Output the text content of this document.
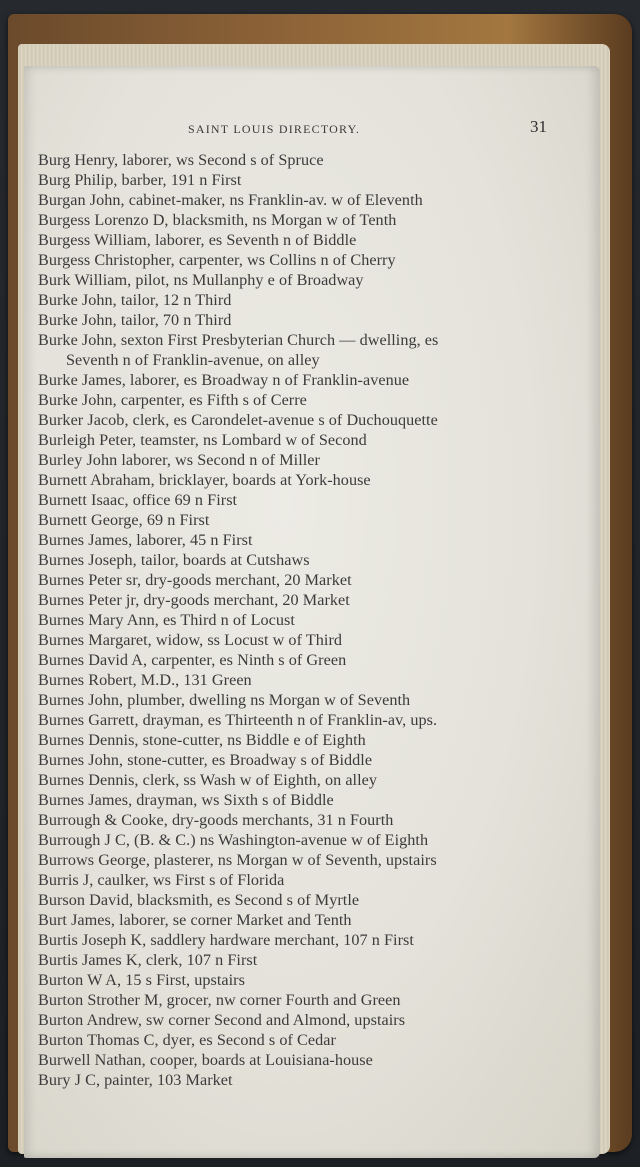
SAINT LOUIS DIRECTORY.	31
Burg Henry, laborer, ws Second s of Spruce
Burg Philip, barber, 191 n First
Burgan John, cabinet-maker, ns Franklin-av. w of Eleventh
Burgess Lorenzo D, blacksmith, ns Morgan w of Tenth
Burgess William, laborer, es Seventh n of Biddle
Burgess Christopher, carpenter, ws Collins n of Cherry
Burk William, pilot, ns Mullanphy e of Broadway
Burke John, tailor, 12 n Third
Burke John, tailor, 70 n Third
Burke John, sexton First Presbyterian Church — dwelling, es
Seventh n of Franklin-avenue, on alley
Burke James, laborer, es Broadway n of Franklin-avenue
Burke John, carpenter, es Fifth s of Cerre
Burker Jacob, clerk, es Carondelet-avenue s of Duchouquette
Burleigh Peter, teamster, ns Lombard w of Second
Burley John laborer, ws Second n of Miller
Burnett Abraham, bricklayer, boards at York-house
Burnett Isaac, office 69 n First
Burnett George, 69 n First
Burnes James, laborer, 45 n First
Burnes Joseph, tailor, boards at Cutshaws
Burnes Peter sr, dry-goods merchant, 20 Market
Burnes Peter jr, dry-goods merchant, 20 Market
Burnes Mary Ann, es Third n of Locust
Burnes Margaret, widow, ss Locust w of Third
Burnes David A, carpenter, es Ninth s of Green
Burnes Robert, M.D., 131 Green
Burnes John, plumber, dwelling ns Morgan w of Seventh
Burnes Garrett, drayman, es Thirteenth n of Franklin-av, ups.
Burnes Dennis, stone-cutter, ns Biddle e of Eighth
Burnes John, stone-cutter, es Broadway s of Biddle
Burnes Dennis, clerk, ss Wash w of Eighth, on alley
Burnes James, drayman, ws Sixth s of Biddle
Burrough & Cooke, dry-goods merchants, 31 n Fourth
Burrough J C, (B. & C.) ns Washington-avenue w of Eighth
Burrows George, plasterer, ns Morgan w of Seventh, upstairs
Burris J, caulker, ws First s of Florida
Burson David, blacksmith, es Second s of Myrtle
Burt James, laborer, se corner Market and Tenth
Burtis Joseph K, saddlery hardware merchant, 107 n First
Burtis James K, clerk, 107 n First
Burton W A, 15 s First, upstairs
Burton Strother M, grocer, nw corner Fourth and Green
Burton Andrew, sw corner Second and Almond, upstairs
Burton Thomas C, dyer, es Second s of Cedar
Burwell Nathan, cooper, boards at Louisiana-house
Bury J C, painter, 103 Market
